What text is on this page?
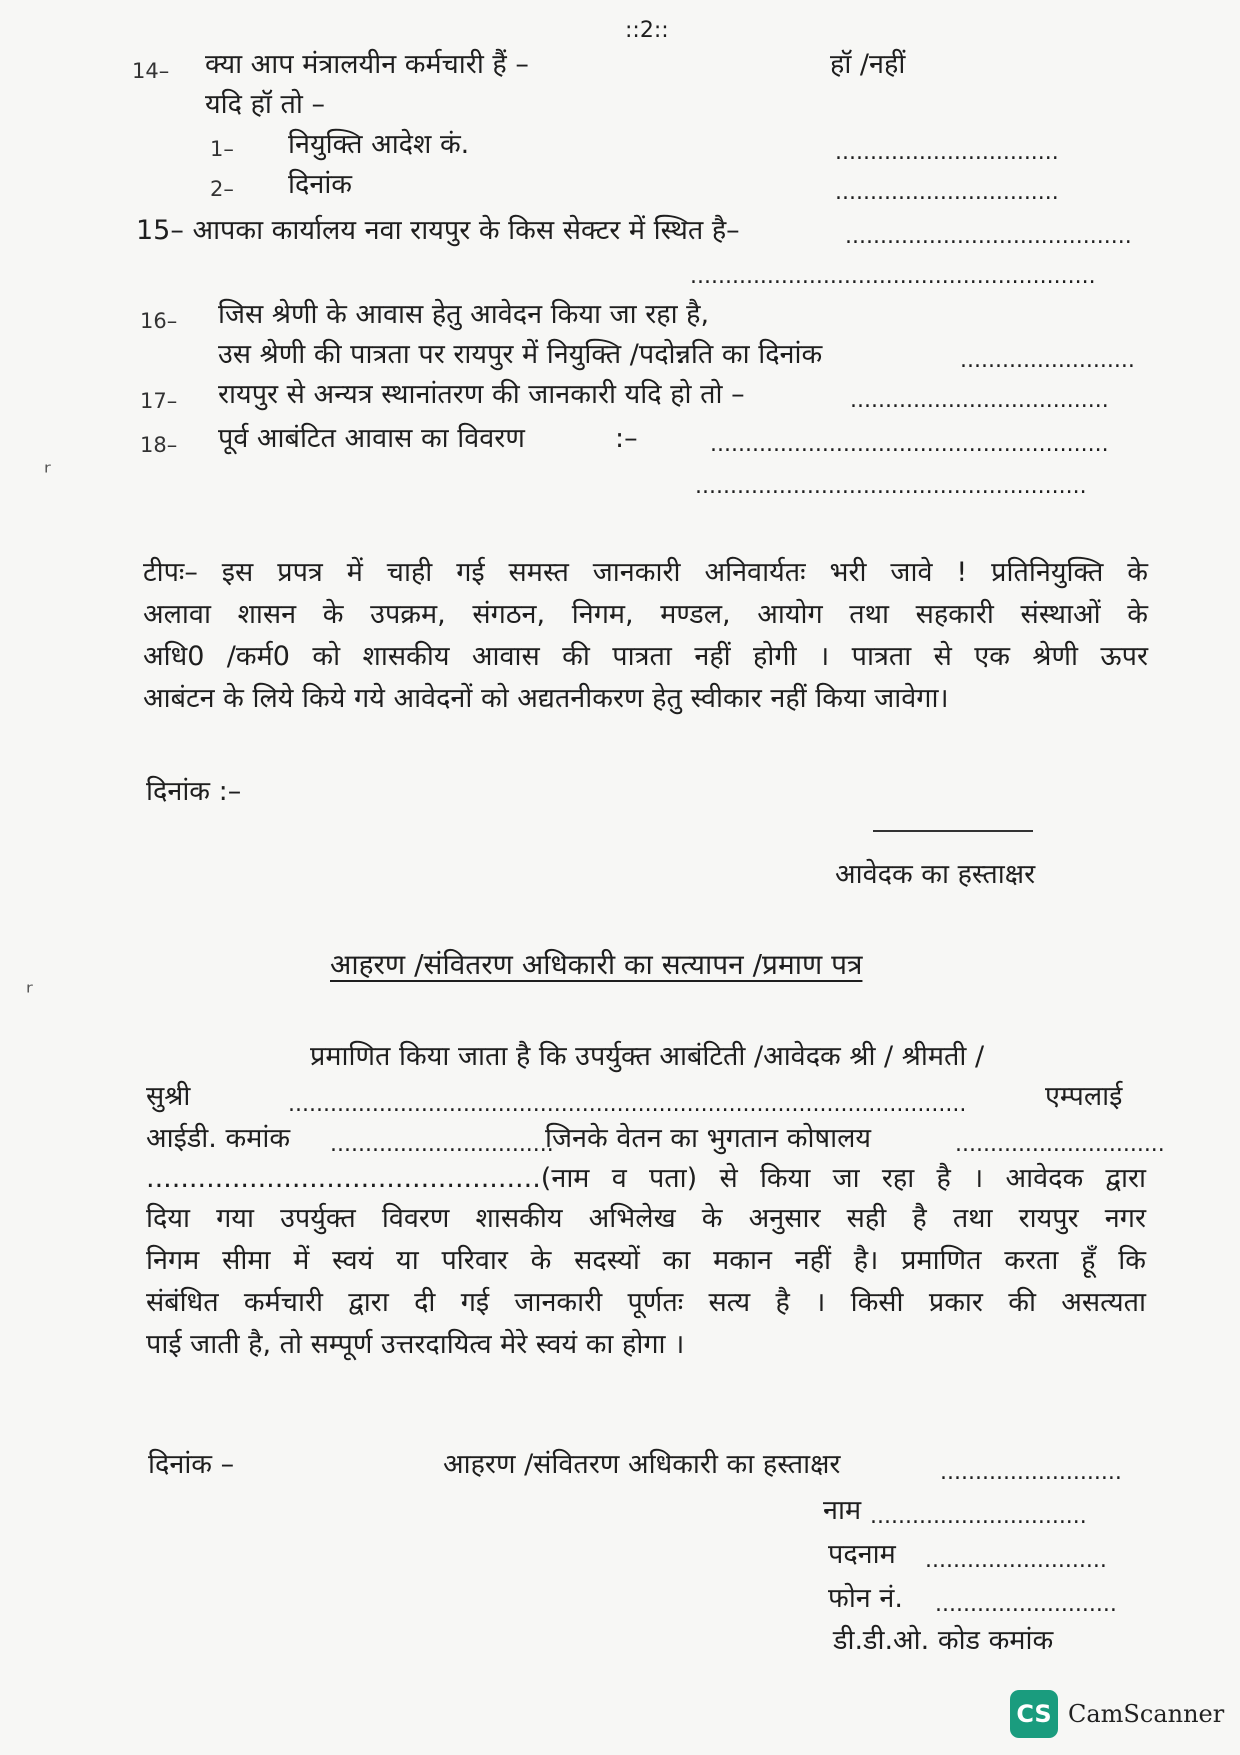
::2::
ʳ
ʳ
14– क्या आप मंत्रालयीन कर्मचारी हैं –	हॉ /नहीं
यदि हॉ तो –
1– नियुक्ति आदेश कं.	................................
2– दिनांक	................................
15– आपका कार्यालय नवा रायपुर के किस सेक्टर में स्थित है–	.........................................
..........................................................
16– जिस श्रेणी के आवास हेतु आवेदन किया जा रहा है,
उस श्रेणी की पात्रता पर रायपुर में नियुक्ति /पदोन्नति का दिनांक	.........................
17– रायपुर से अन्यत्र स्थानांतरण की जानकारी यदि हो तो –	.....................................
18– पूर्व आबंटित आवास का विवरण	:–	.........................................................
........................................................
टीपः– इस प्रपत्र में चाही गई समस्त जानकारी अनिवार्यतः भरी जावे ! प्रतिनियुक्ति के
अलावा शासन के उपक्रम, संगठन, निगम, मण्डल, आयोग तथा सहकारी संस्थाओं के
अधि0 /कर्म0 को शासकीय आवास की पात्रता नहीं होगी । पात्रता से एक श्रेणी ऊपर
आबंटन के लिये किये गये आवेदनों को अद्यतनीकरण हेतु स्वीकार नहीं किया जावेगा।
दिनांक :–
आवेदक का हस्ताक्षर
आहरण /संवितरण अधिकारी का सत्यापन /प्रमाण पत्र
प्रमाणित किया जाता है कि उपर्युक्त आबंटिती /आवेदक श्री / श्रीमती /
सुश्री	.................................................................................................	एम्पलाई
आईडी. कमांक ................................
जिनके वेतन का भुगतान कोषालय	..............................
..............................................(नाम व पता) से किया जा रहा है । आवेदक द्वारा
दिया गया उपर्युक्त विवरण शासकीय अभिलेख के अनुसार सही है तथा रायपुर नगर
निगम सीमा में स्वयं या परिवार के सदस्यों का मकान नहीं है। प्रमाणित करता हूँ कि
संबंधित कर्मचारी द्वारा दी गई जानकारी पूर्णतः सत्य है । किसी प्रकार की असत्यता
पाई जाती है, तो सम्पूर्ण उत्तरदायित्व मेरे स्वयं का होगा ।
दिनांक –	आहरण /संवितरण अधिकारी का हस्ताक्षर	..........................
नाम ...............................
पदनाम ..........................
फोन नं. ..........................
डी.डी.ओ. कोड कमांक
CS CamScanner
